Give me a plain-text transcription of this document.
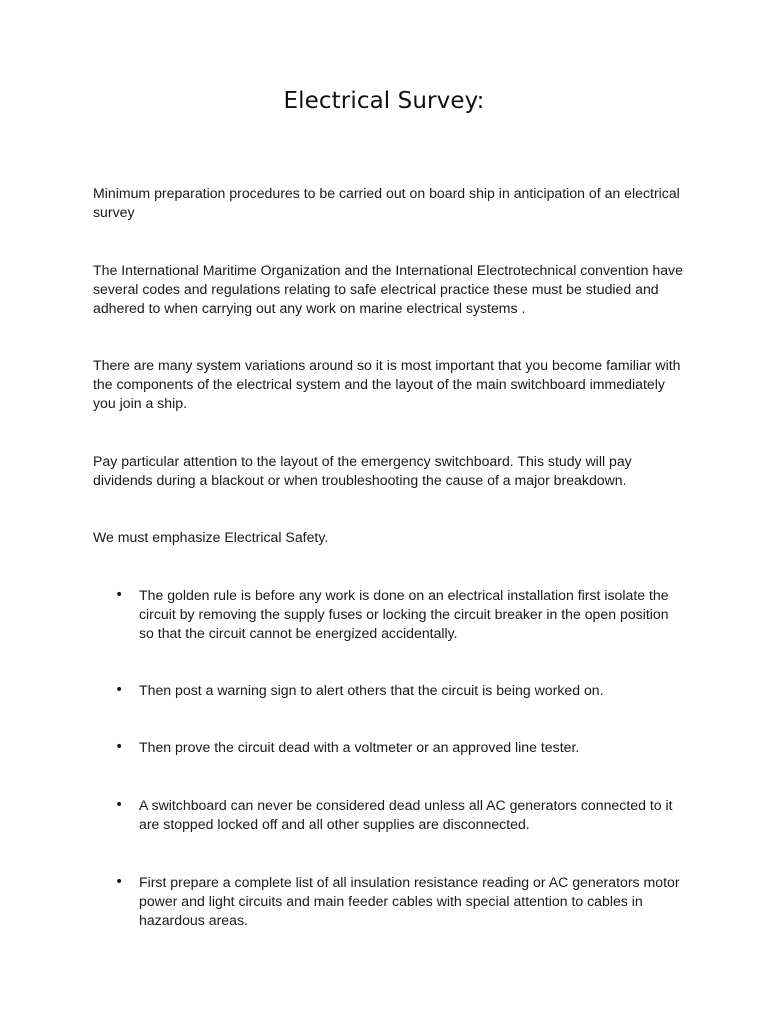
Electrical Survey:

Minimum preparation procedures to be carried out on board ship in anticipation of an electrical survey

The International Maritime Organization and the International Electrotechnical convention have several codes and regulations relating to safe electrical practice these must be studied and adhered to when carrying out any work on marine electrical systems .

There are many system variations around so it is most important that you become familiar with the components of the electrical system and the layout of the main switchboard immediately you join a ship.

Pay particular attention to the layout of the emergency switchboard. This study will pay dividends during a blackout or when troubleshooting the cause of a major breakdown.

We must emphasize Electrical Safety.

•	The golden rule is before any work is done on an electrical installation first isolate the circuit by removing the supply fuses or locking the circuit breaker in the open position so that the circuit cannot be energized accidentally.
•	Then post a warning sign to alert others that the circuit is being worked on.
•	Then prove the circuit dead with a voltmeter or an approved line tester.
•	A switchboard can never be considered dead unless all AC generators connected to it are stopped locked off and all other supplies are disconnected.
•	First prepare a complete list of all insulation resistance reading or AC generators motor power and light circuits and main feeder cables with special attention to cables in hazardous areas.
